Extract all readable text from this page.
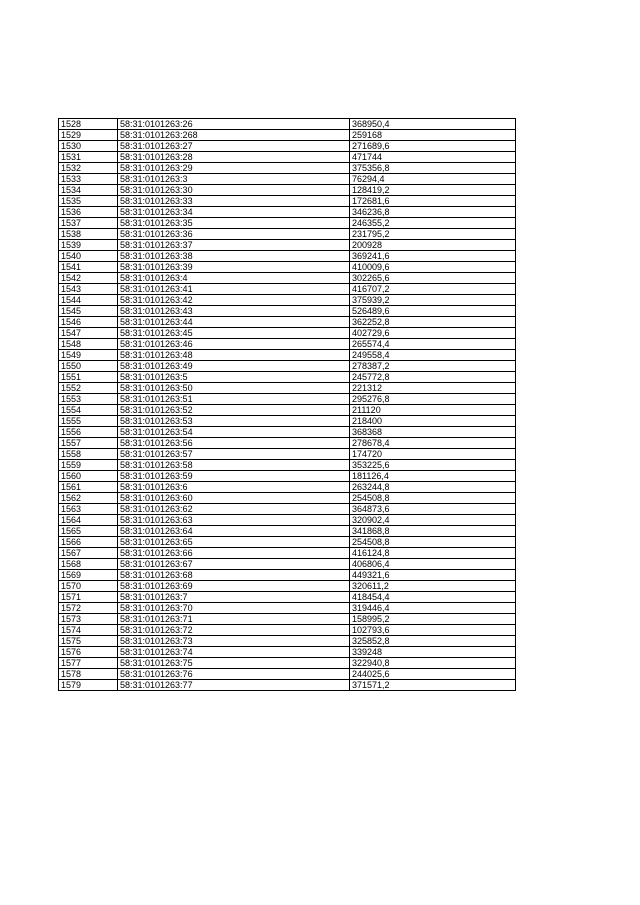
1528	58:31:0101263:26	368950,4
1529	58:31:0101263:268	259168
1530	58:31:0101263:27	271689,6
1531	58:31:0101263:28	471744
1532	58:31:0101263:29	375356,8
1533	58:31:0101263:3	76294,4
1534	58:31:0101263:30	128419,2
1535	58:31:0101263:33	172681,6
1536	58:31:0101263:34	346236,8
1537	58:31:0101263:35	246355,2
1538	58:31:0101263:36	231795,2
1539	58:31:0101263:37	200928
1540	58:31:0101263:38	369241,6
1541	58:31:0101263:39	410009,6
1542	58:31:0101263:4	302265,6
1543	58:31:0101263:41	416707,2
1544	58:31:0101263:42	375939,2
1545	58:31:0101263:43	526489,6
1546	58:31:0101263:44	362252,8
1547	58:31:0101263:45	402729,6
1548	58:31:0101263:46	265574,4
1549	58:31:0101263:48	249558,4
1550	58:31:0101263:49	278387,2
1551	58:31:0101263:5	245772,8
1552	58:31:0101263:50	221312
1553	58:31:0101263:51	295276,8
1554	58:31:0101263:52	211120
1555	58:31:0101263:53	218400
1556	58:31:0101263:54	368368
1557	58:31:0101263:56	278678,4
1558	58:31:0101263:57	174720
1559	58:31:0101263:58	353225,6
1560	58:31:0101263:59	181126,4
1561	58:31:0101263:6	263244,8
1562	58:31:0101263:60	254508,8
1563	58:31:0101263:62	364873,6
1564	58:31:0101263:63	320902,4
1565	58:31:0101263:64	341868,8
1566	58:31:0101263:65	254508,8
1567	58:31:0101263:66	416124,8
1568	58:31:0101263:67	406806,4
1569	58:31:0101263:68	449321,6
1570	58:31:0101263:69	320611,2
1571	58:31:0101263:7	418454,4
1572	58:31:0101263:70	319446,4
1573	58:31:0101263:71	158995,2
1574	58:31:0101263:72	102793,6
1575	58:31:0101263:73	325852,8
1576	58:31:0101263:74	339248
1577	58:31:0101263:75	322940,8
1578	58:31:0101263:76	244025,6
1579	58:31:0101263:77	371571,2
